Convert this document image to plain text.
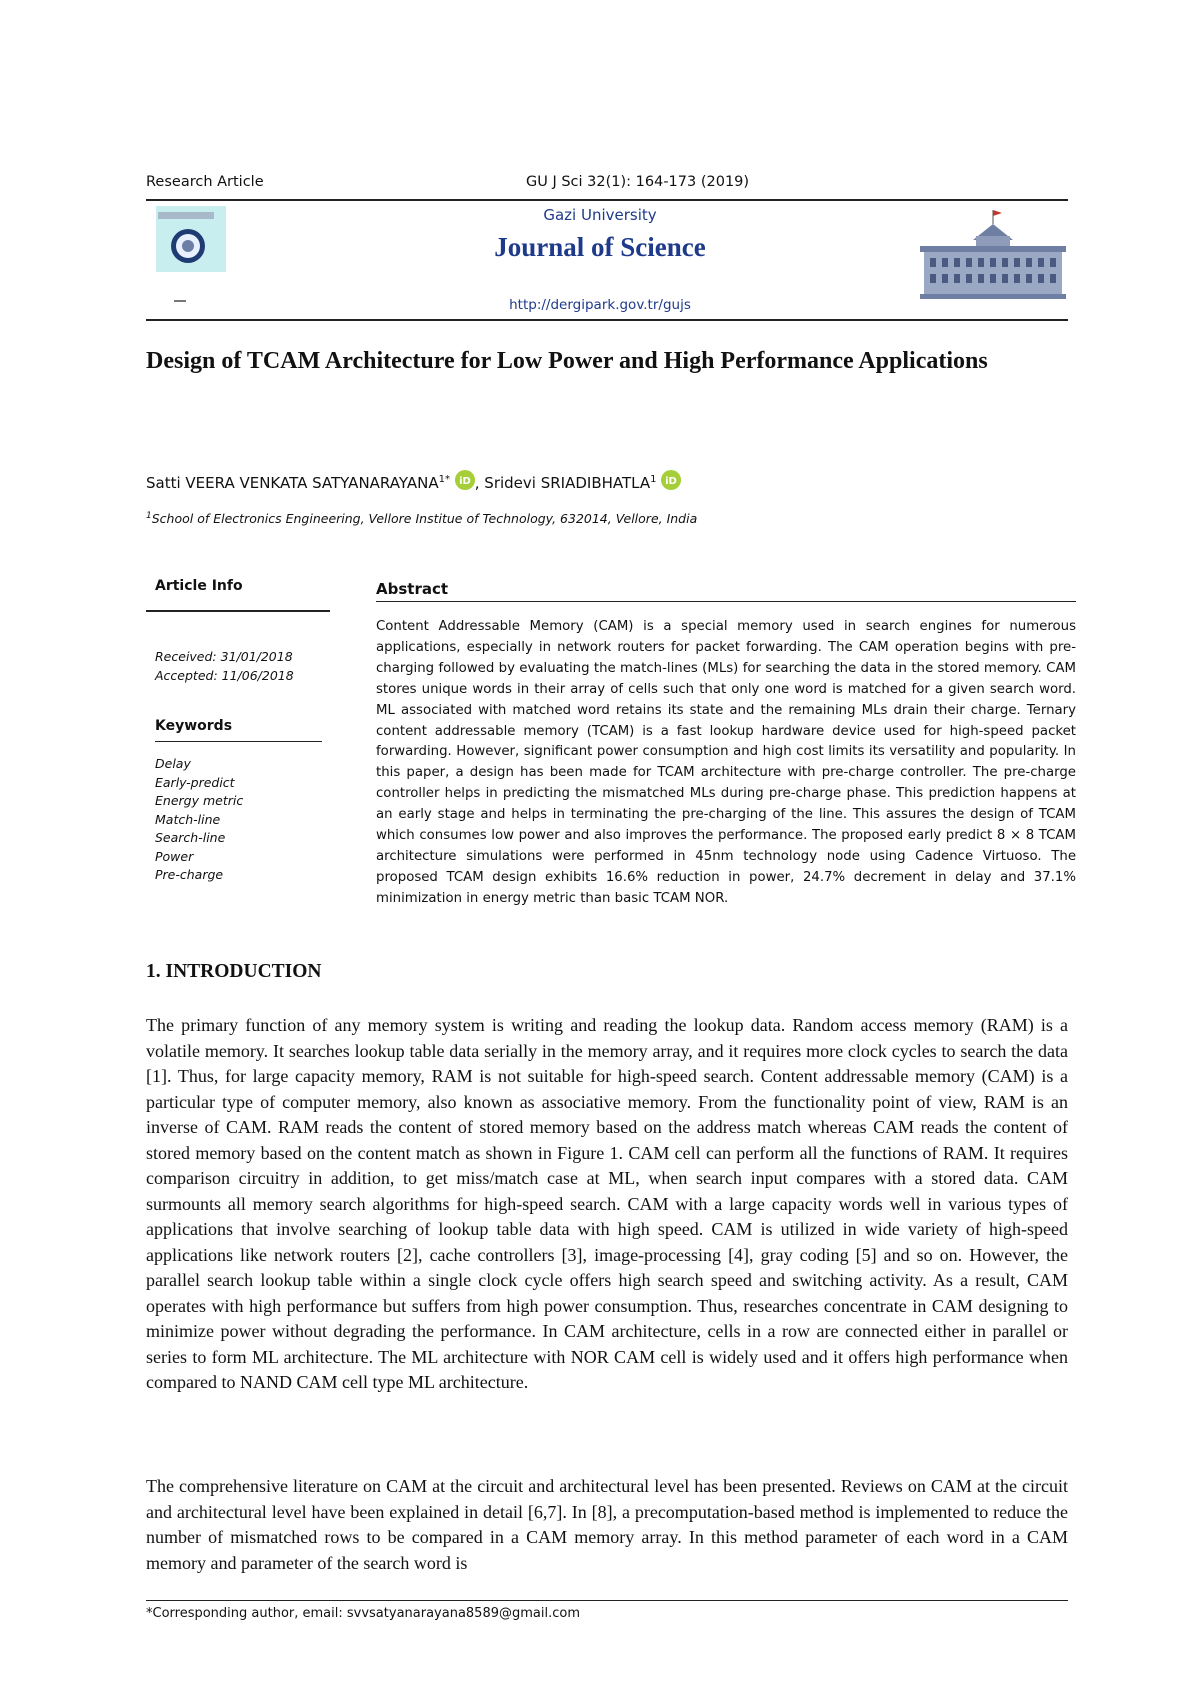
Research Article	GU J Sci 32(1): 164-173 (2019)
Gazi University
Journal of Science
http://dergipark.gov.tr/gujs
Design of TCAM Architecture for Low Power and High Performance Applications
Satti VEERA VENKATA $SATYANARAYANA^{1*}$ iD , Sridevi SRIADIBHATLA$^1$ iD
$^1$School of Electronics Engineering, Vellore Institue of Technology, 632014, Vellore, India
Article Info
Received: 31/01/2018
Accepted: 11/06/2018
Keywords
Delay
Early-predict
Energy metric
Match-line
Search-line
Power
Pre-charge
Abstract
Content Addressable Memory (CAM) is a special memory used in search engines for numerous applications, especially in network routers for packet forwarding. The CAM operation begins with pre-charging followed by evaluating the match-lines (MLs) for searching the data in the stored memory. CAM stores unique words in their array of cells such that only one word is matched for a given search word. ML associated with matched word retains its state and the remaining MLs drain their charge. Ternary content addressable memory (TCAM) is a fast lookup hardware device used for high-speed packet forwarding. However, significant power consumption and high cost limits its versatility and popularity. In this paper, a design has been made for TCAM architecture with pre-charge controller. The pre-charge controller helps in predicting the mismatched MLs during pre-charge phase. This prediction happens at an early stage and helps in terminating the pre-charging of the line. This assures the design of TCAM which consumes low power and also improves the performance. The proposed early predict 8 × 8 TCAM architecture simulations were performed in 45nm technology node using Cadence Virtuoso. The proposed TCAM design exhibits 16.6% reduction in power, 24.7% decrement in delay and 37.1% minimization in energy metric than basic TCAM NOR.
1. INTRODUCTION
The primary function of any memory system is writing and reading the lookup data. Random access memory (RAM) is a volatile memory. It searches lookup table data serially in the memory array, and it requires more clock cycles to search the data [1]. Thus, for large capacity memory, RAM is not suitable for high-speed search. Content addressable memory (CAM) is a particular type of computer memory, also known as associative memory. From the functionality point of view, RAM is an inverse of CAM. RAM reads the content of stored memory based on the address match whereas CAM reads the content of stored memory based on the content match as shown in Figure 1. CAM cell can perform all the functions of RAM. It requires comparison circuitry in addition, to get miss/match case at ML, when search input compares with a stored data. CAM surmounts all memory search algorithms for high-speed search. CAM with a large capacity words well in various types of applications that involve searching of lookup table data with high speed. CAM is utilized in wide variety of high-speed applications like network routers [2], cache controllers [3], image-processing [4], gray coding [5] and so on. However, the parallel search lookup table within a single clock cycle offers high search speed and switching activity. As a result, CAM operates with high performance but suffers from high power consumption. Thus, researches concentrate in CAM designing to minimize power without degrading the performance. In CAM architecture, cells in a row are connected either in parallel or series to form ML architecture. The ML architecture with NOR CAM cell is widely used and it offers high performance when compared to NAND CAM cell type ML architecture.
The comprehensive literature on CAM at the circuit and architectural level has been presented. Reviews on CAM at the circuit and architectural level have been explained in detail [6,7]. In [8], a precomputation-based method is implemented to reduce the number of mismatched rows to be compared in a CAM memory array. In this method parameter of each word in a CAM memory and parameter of the search word is
*Corresponding author, email: svvsatyanarayana8589@gmail.com
